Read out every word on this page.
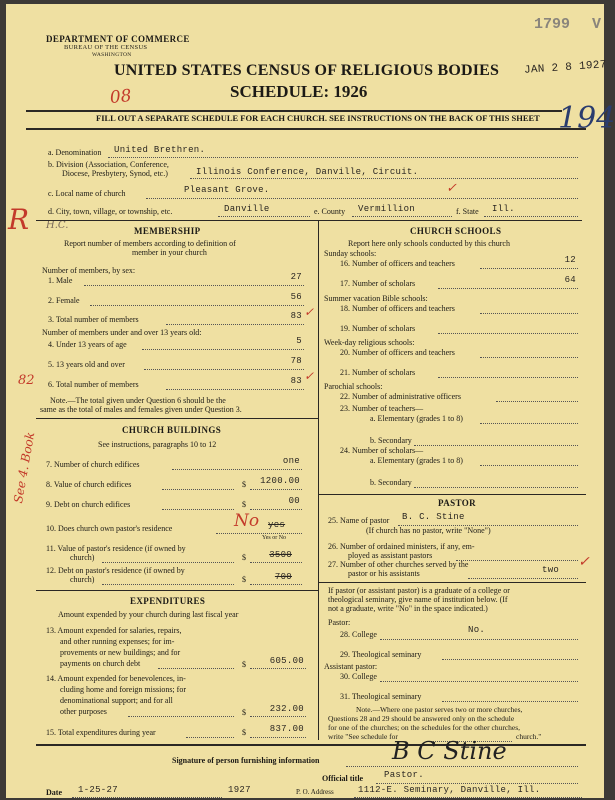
1799 V
DEPARTMENT OF COMMERCE
BUREAU OF THE CENSUS
WASHINGTON
UNITED STATES CENSUS OF RELIGIOUS BODIES
SCHEDULE: 1926
JAN 2 8 1927
08
194
FILL OUT A SEPARATE SCHEDULE FOR EACH CHURCH. SEE INSTRUCTIONS ON THE BACK OF THIS SHEET
a. Denomination United Brethren.
b. Division (Association, Conference,
Diocese, Presbytery, Synod, etc.)	Illinois Conference, Danville, Circuit.
c. Local name of church	Pleasant Grove.	✓
d. City, town, village, or township, etc.	Danville	e. County Vermillion	f. State Ill.
R H.C.	MEMBERSHIP
Report number of members according to definition of
member in your church
Number of members, by sex:
1. Male	27
2. Female	56
3. Total number of members	83 ✓
Number of members under and over 13 years old:
4. Under 13 years of age	5
5. 13 years old and over	78
6. Total number of members	83 ✓
82
Note.—The total given under Question 6 should be the
same as the total of males and females given under Question 3.
CHURCH BUILDINGS
See instructions, paragraphs 10 to 12
7. Number of church edifices	one
8. Value of church edifices	$	1200.00
9. Debt on church edifices	$	00
See 4. Book
10. Does church own pastor's residence	yes
No
Yes or No
11. Value of pastor's residence (if owned by
church)	$	3500
12. Debt on pastor's residence (if owned by
church)	$	700
EXPENDITURES
Amount expended by your church during last fiscal year
13. Amount expended for salaries, repairs,
and other running expenses; for im-
provements or new buildings; and for
payments on church debt	$	605.00
14. Amount expended for benevolences, in-
cluding home and foreign missions; for
denominational support; and for all
other purposes	$	232.00
15. Total expenditures during year	$	837.00
CHURCH SCHOOLS
Report here only schools conducted by this church
Sunday schools:
16. Number of officers and teachers	12
17. Number of scholars	64
Summer vacation Bible schools:
18. Number of officers and teachers
19. Number of scholars
Week-day religious schools:
20. Number of officers and teachers
21. Number of scholars
Parochial schools:
22. Number of administrative officers
23. Number of teachers—
a. Elementary (grades 1 to 8)
b. Secondary
24. Number of scholars—
a. Elementary (grades 1 to 8)
b. Secondary
PASTOR
25. Name of pastor B. C. Stine
(If church has no pastor, write "None")
26. Number of ordained ministers, if any, em-
ployed as assistant pastors
27. Number of other churches served by the
pastor or his assistants	two ✓
If pastor (or assistant pastor) is a graduate of a college or
theological seminary, give name of institution below. (If
not a graduate, write "No" in the space indicated.)
Pastor:
28. College	No.
29. Theological seminary
Assistant pastor:
30. College
31. Theological seminary
Note.—Where one pastor serves two or more churches,
Questions 28 and 29 should be answered only on the schedule
for one of the churches; on the schedules for the other churches,
write "See schedule for	church."
Signature of person furnishing information	B C Stine
Official title Pastor.
Date 1-25-27	1927	P. O. Address	1112-E. Seminary, Danville, Ill.
